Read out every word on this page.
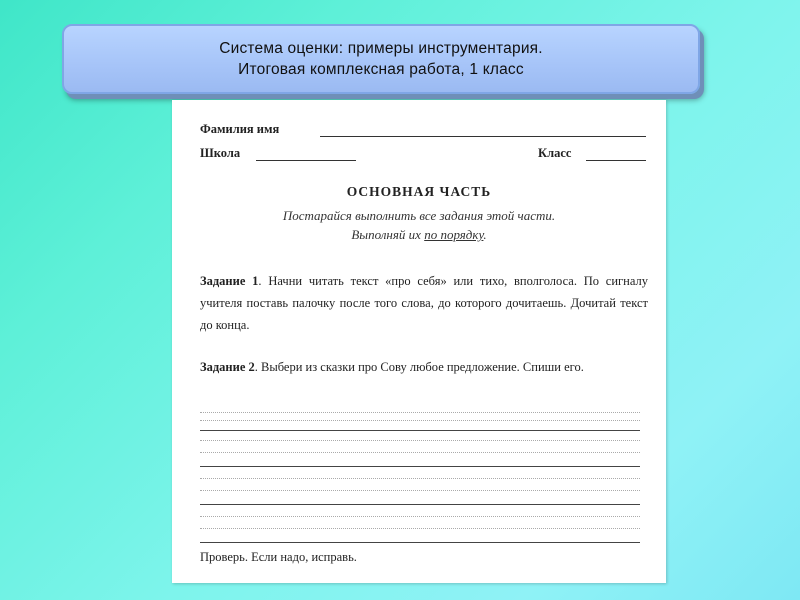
Система оценки: примеры инструментария.
Итоговая комплексная работа, 1 класс
Фамилия имя
Школа	Класс
ОСНОВНАЯ ЧАСТЬ
Постарайся выполнить все задания этой части.
Выполняй их по порядку.
Задание 1. Начни читать текст «про себя» или тихо, вполголоса. По сигналу учителя поставь палочку после того слова, до которого дочитаешь. Дочитай текст до конца.
Задание 2. Выбери из сказки про Сову любое предложение. Спиши его.
Проверь. Если надо, исправь.
